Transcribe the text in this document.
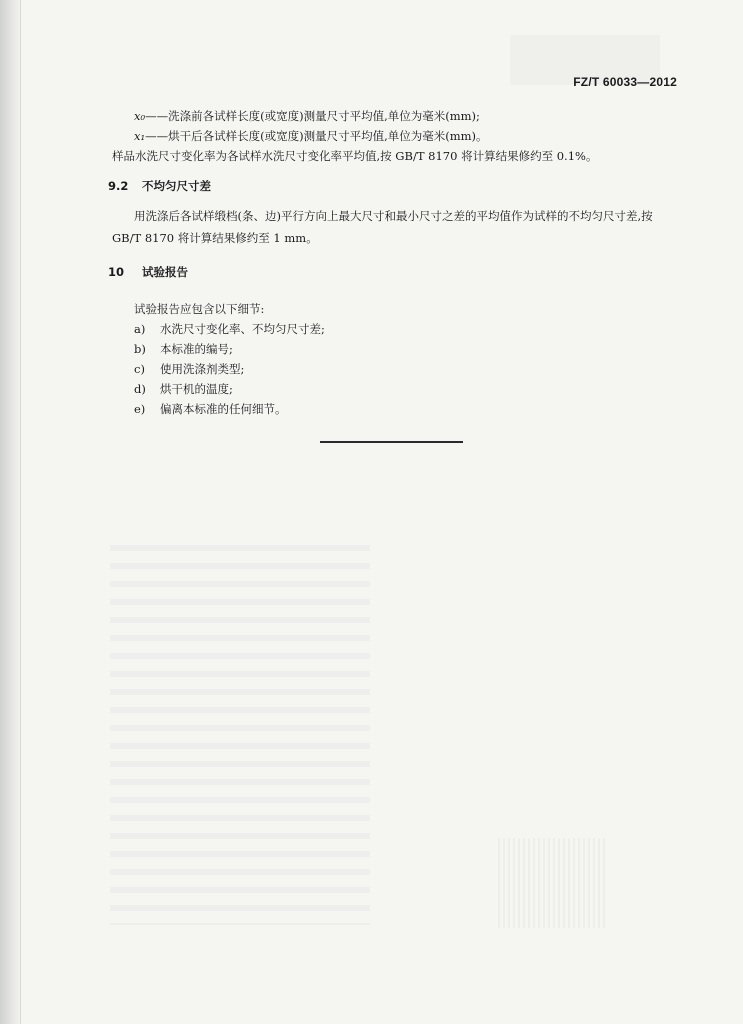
FZ/T 60033—2012
x₀——洗涤前各试样长度(或宽度)测量尺寸平均值,单位为毫米(mm);
x₁——烘干后各试样长度(或宽度)测量尺寸平均值,单位为毫米(mm)。
样品水洗尺寸变化率为各试样水洗尺寸变化率平均值,按 GB/T 8170 将计算结果修约至 0.1%。
9.2 不均匀尺寸差
用洗涤后各试样缎档(条、边)平行方向上最大尺寸和最小尺寸之差的平均值作为试样的不均匀尺寸差,按 GB/T 8170 将计算结果修约至 1 mm。
10 试验报告
试验报告应包含以下细节:
a) 水洗尺寸变化率、不均匀尺寸差;
b) 本标准的编号;
c) 使用洗涤剂类型;
d) 烘干机的温度;
e) 偏离本标准的任何细节。
